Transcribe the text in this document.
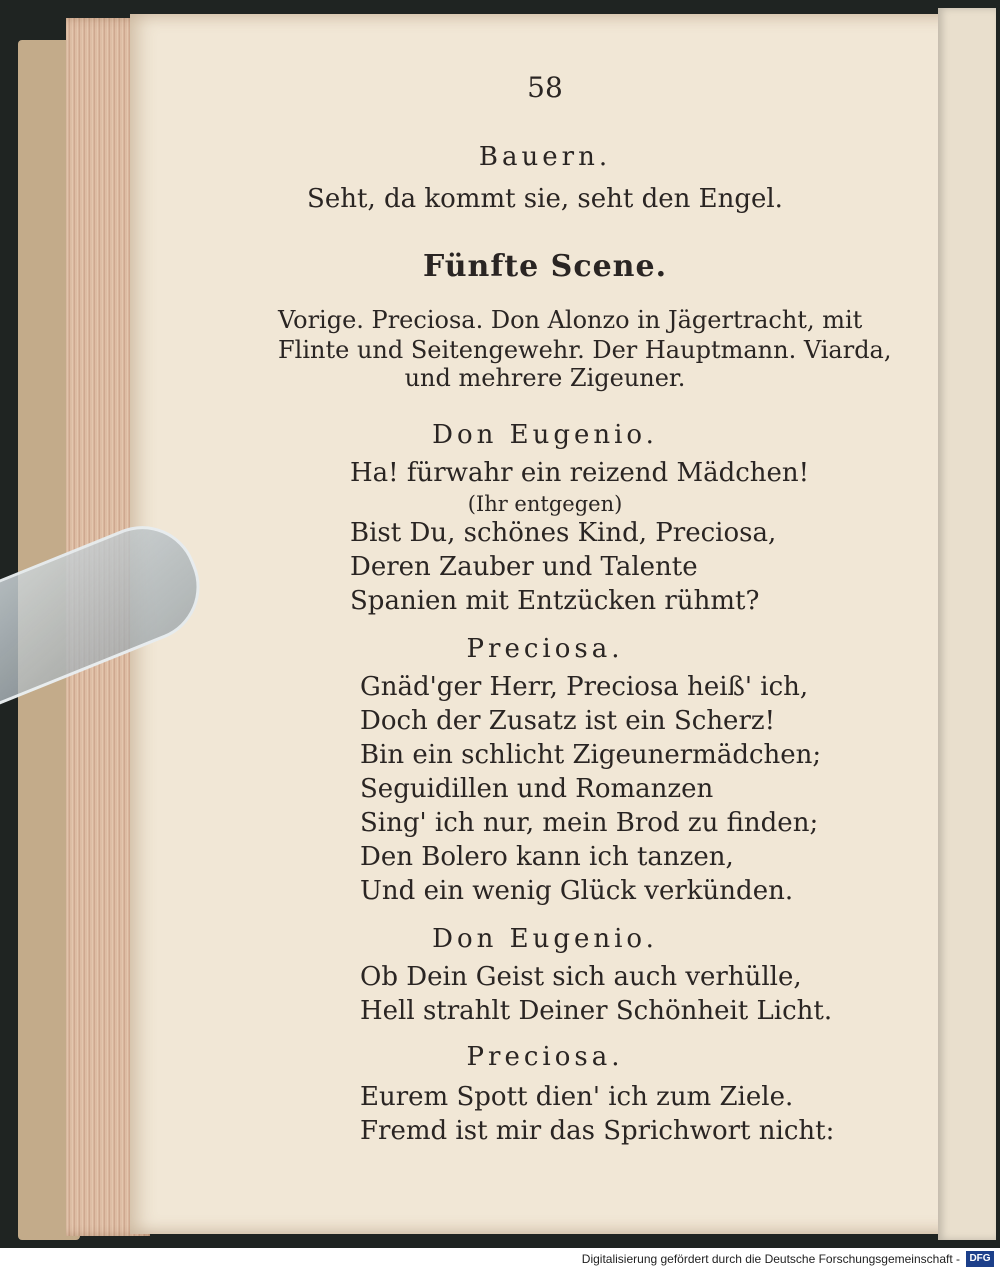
58
Bauern.
Seht, da kommt sie, seht den Engel.
Fünfte Scene.
Vorige. Preciosa. Don Alonzo in Jägertracht, mit
Flinte und Seitengewehr. Der Hauptmann. Viarda,
und mehrere Zigeuner.
Don Eugenio.
Ha! fürwahr ein reizend Mädchen!
(Ihr entgegen)
Bist Du, schönes Kind, Preciosa,
Deren Zauber und Talente
Spanien mit Entzücken rühmt?
Preciosa.
Gnäd'ger Herr, Preciosa heiß' ich,
Doch der Zusatz ist ein Scherz!
Bin ein schlicht Zigeunermädchen;
Seguidillen und Romanzen
Sing' ich nur, mein Brod zu finden;
Den Bolero kann ich tanzen,
Und ein wenig Glück verkünden.
Don Eugenio.
Ob Dein Geist sich auch verhülle,
Hell strahlt Deiner Schönheit Licht.
Preciosa.
Eurem Spott dien' ich zum Ziele.
Fremd ist mir das Sprichwort nicht:
Digitalisierung gefördert durch die Deutsche Forschungsgemeinschaft - DFG
